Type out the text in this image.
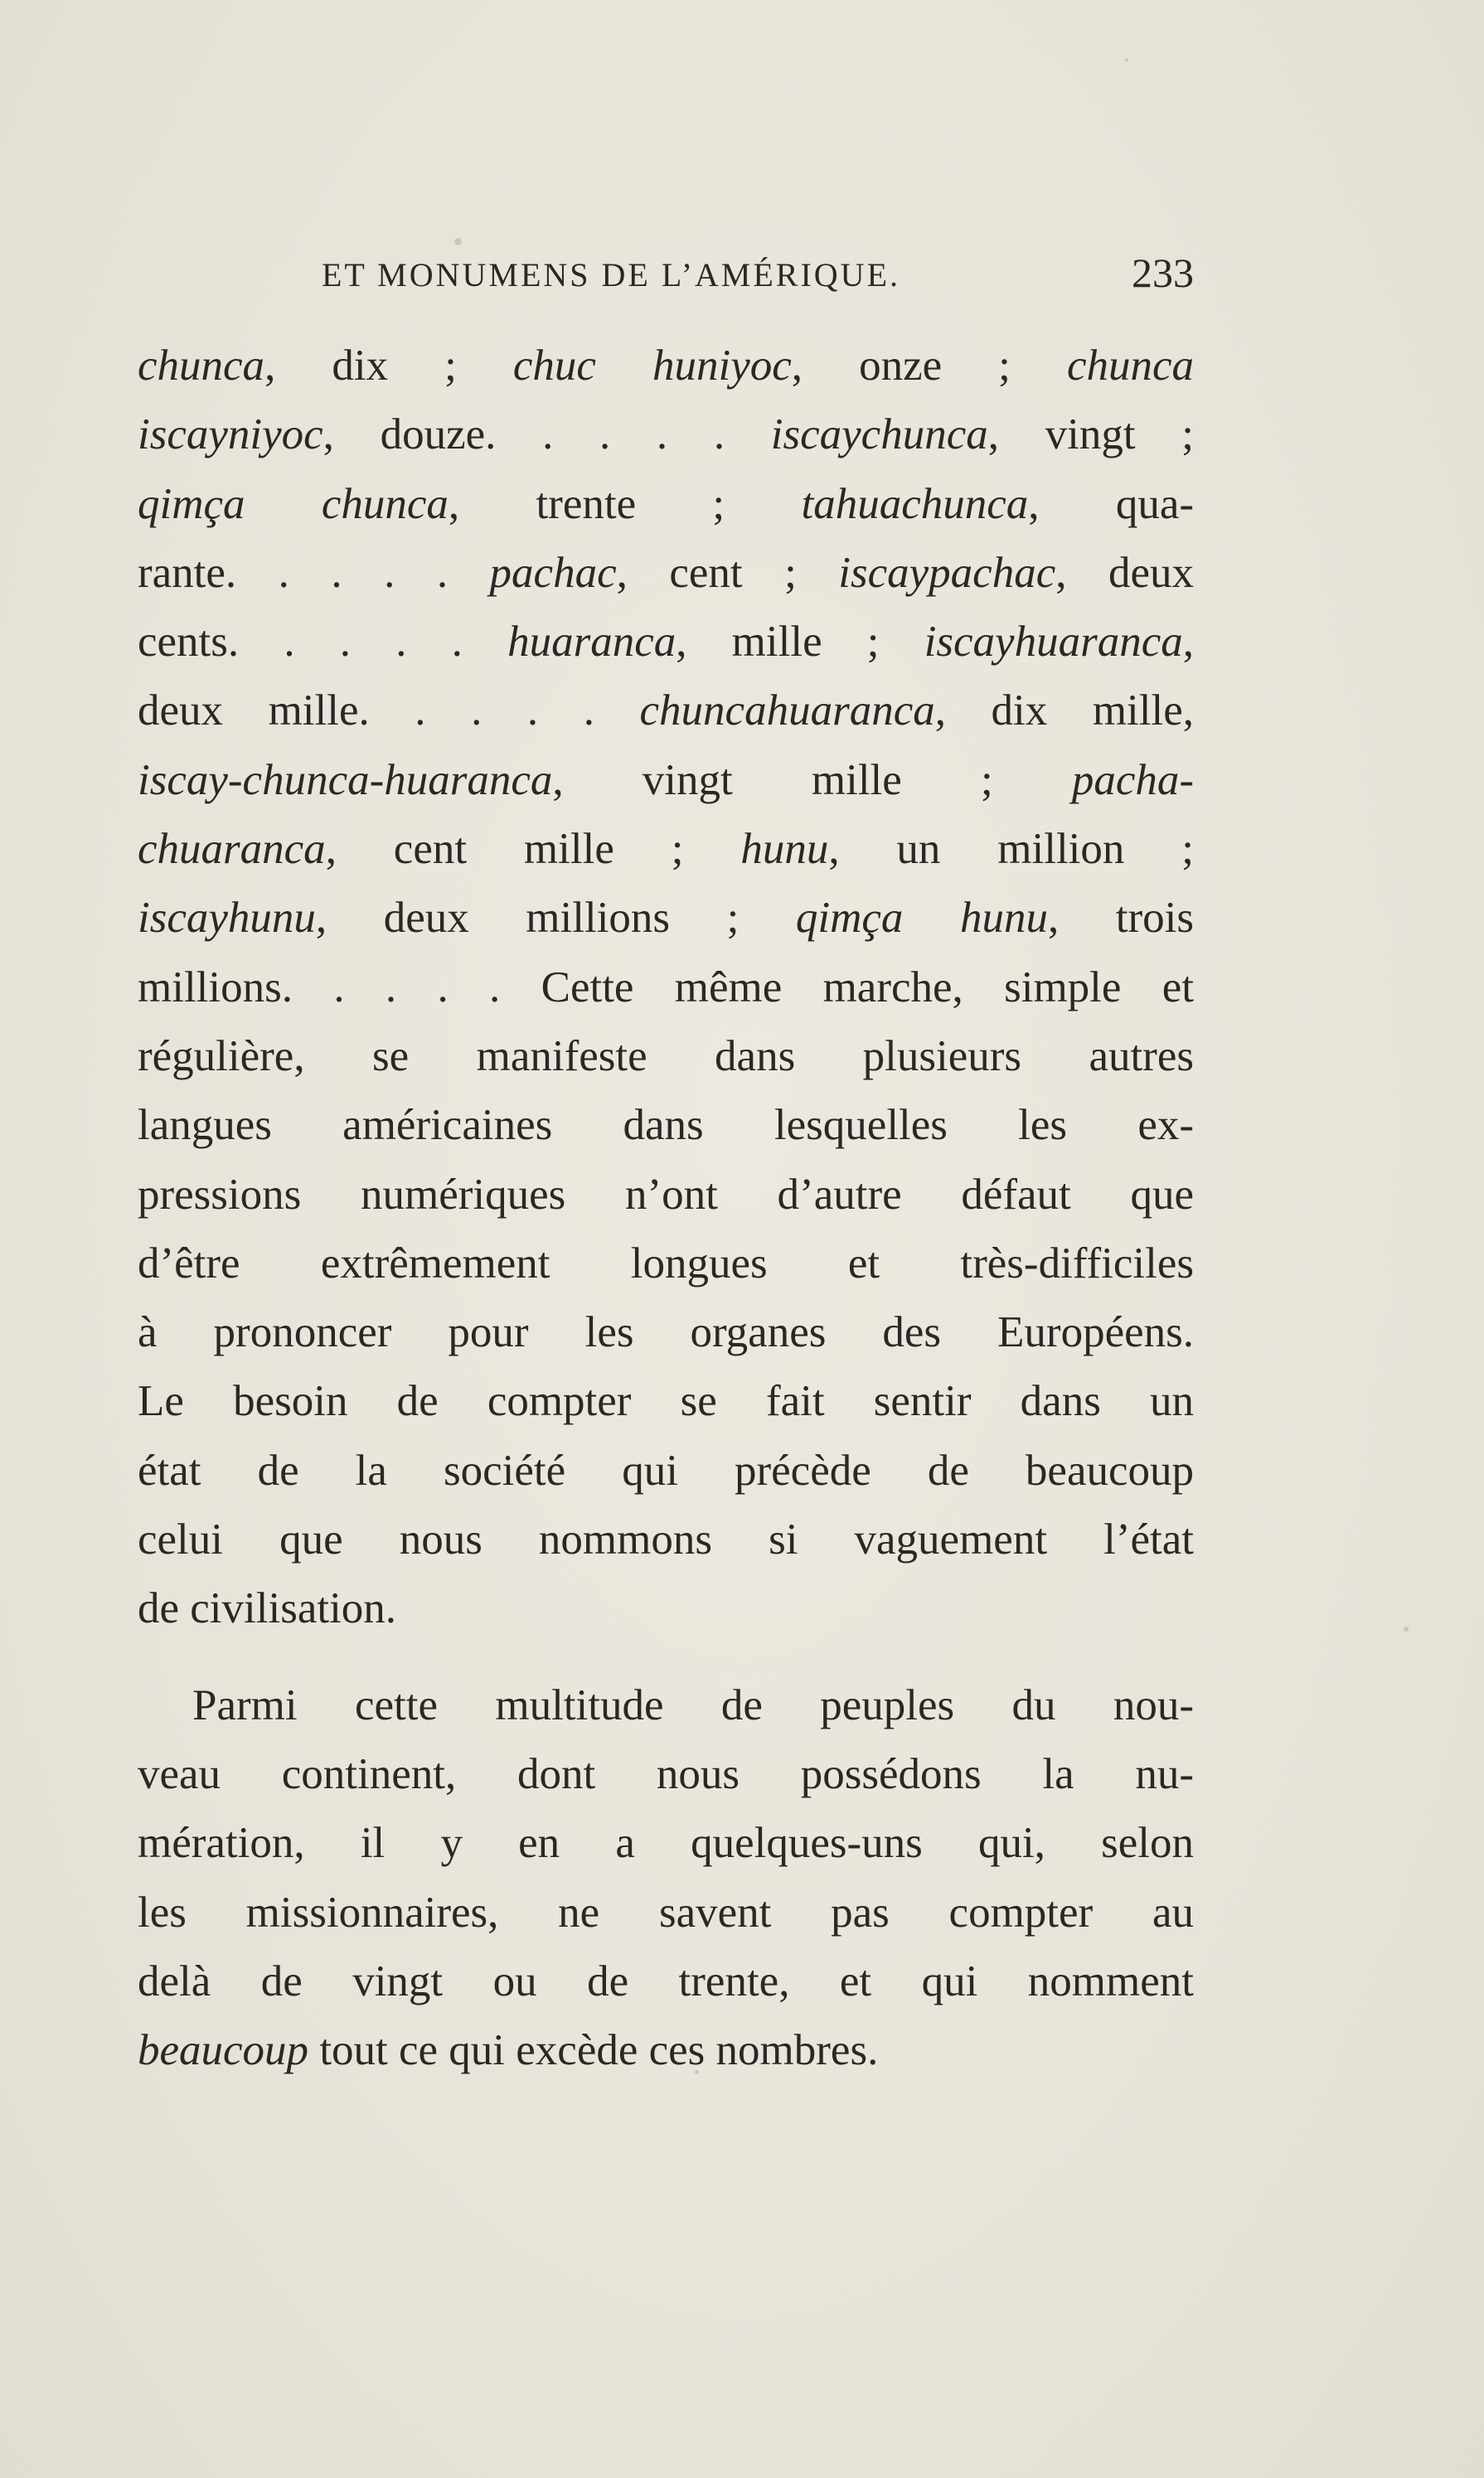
ET MONUMENS DE L’AMÉRIQUE.	233
chunca, dix ; chuc huniyoc, onze ; chunca
iscayniyoc, douze. . . . . iscaychunca, vingt ;
qimça chunca, trente ; tahuachunca, qua-
rante. . . . . pachac, cent ; iscaypachac, deux
cents. . . . . huaranca, mille ; iscayhuaranca,
deux mille. . . . . chuncahuaranca, dix mille,
iscay-chunca-huaranca, vingt mille ; pacha-
chuaranca, cent mille ; hunu, un million ;
iscayhunu, deux millions ; qimça hunu, trois
millions. . . . . Cette même marche, simple et
régulière, se manifeste dans plusieurs autres
langues américaines dans lesquelles les ex-
pressions numériques n’ont d’autre défaut que
d’être extrêmement longues et très-difficiles
à prononcer pour les organes des Européens.
Le besoin de compter se fait sentir dans un
état de la société qui précède de beaucoup
celui que nous nommons si vaguement l’état
de civilisation.
Parmi cette multitude de peuples du nou-
veau continent, dont nous possédons la nu-
mération, il y en a quelques-uns qui, selon
les missionnaires, ne savent pas compter au
delà de vingt ou de trente, et qui nomment
beaucoup tout ce qui excède ces nombres.
